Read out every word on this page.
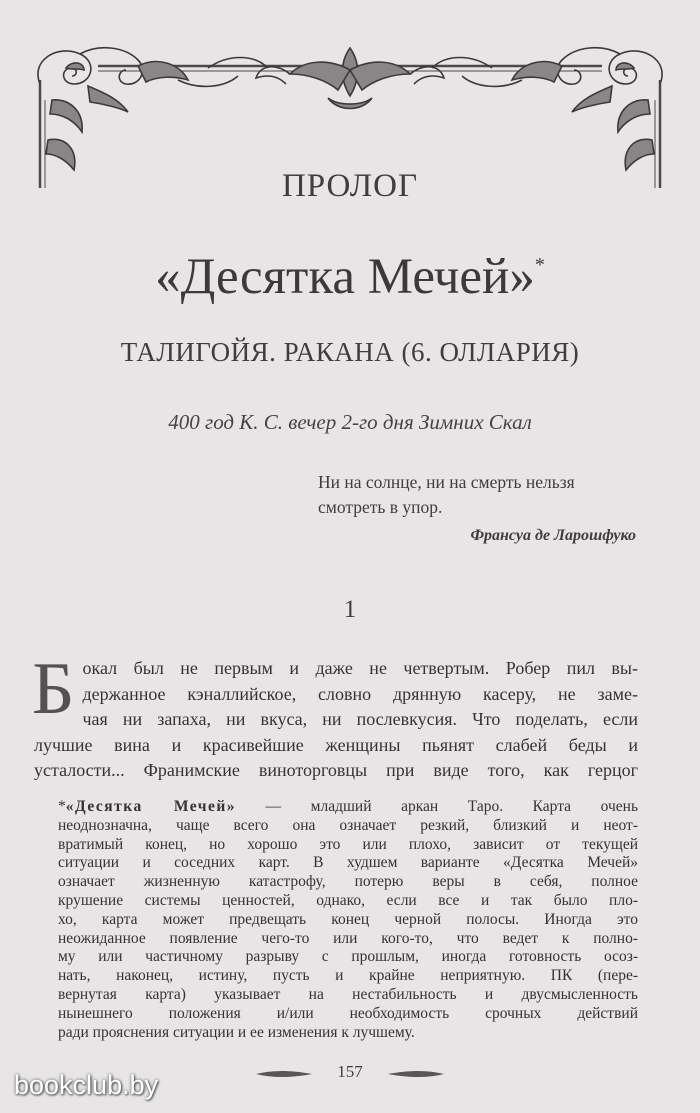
ПРОЛОГ
«Десятка Мечей»*
ТАЛИГОЙЯ. РАКАНА (6. ОЛЛАРИЯ)
400 год К. С. вечер 2-го дня Зимних Скал
Ни на солнце, ни на смерть нельзя
смотреть в упор.
Франсуа де Ларошфуко
1
Б окал был не первым и даже не четвертым. Робер пил вы-
держанное кэналлийское, словно дрянную касеру, не заме-
чая ни запаха, ни вкуса, ни послевкусия. Что поделать, если
лучшие вина и красивейшие женщины пьянят слабей беды и
усталости... Франимские виноторговцы при виде того, как герцог
*«Десятка Мечей» — младший аркан Таро. Карта очень
неоднозначна, чаще всего она означает резкий, близкий и неот-
вратимый конец, но хорошо это или плохо, зависит от текущей
ситуации и соседних карт. В худшем варианте «Десятка Мечей»
означает жизненную катастрофу, потерю веры в себя, полное
крушение системы ценностей, однако, если все и так было пло-
хо, карта может предвещать конец черной полосы. Иногда это
неожиданное появление чего-то или кого-то, что ведет к полно-
му или частичному разрыву с прошлым, иногда готовность осоз-
нать, наконец, истину, пусть и крайне неприятную. ПК (пере-
вернутая карта) указывает на нестабильность и двусмысленность
нынешнего положения и/или необходимость срочных действий
ради прояснения ситуации и ее изменения к лучшему.
157
bookclub.by
